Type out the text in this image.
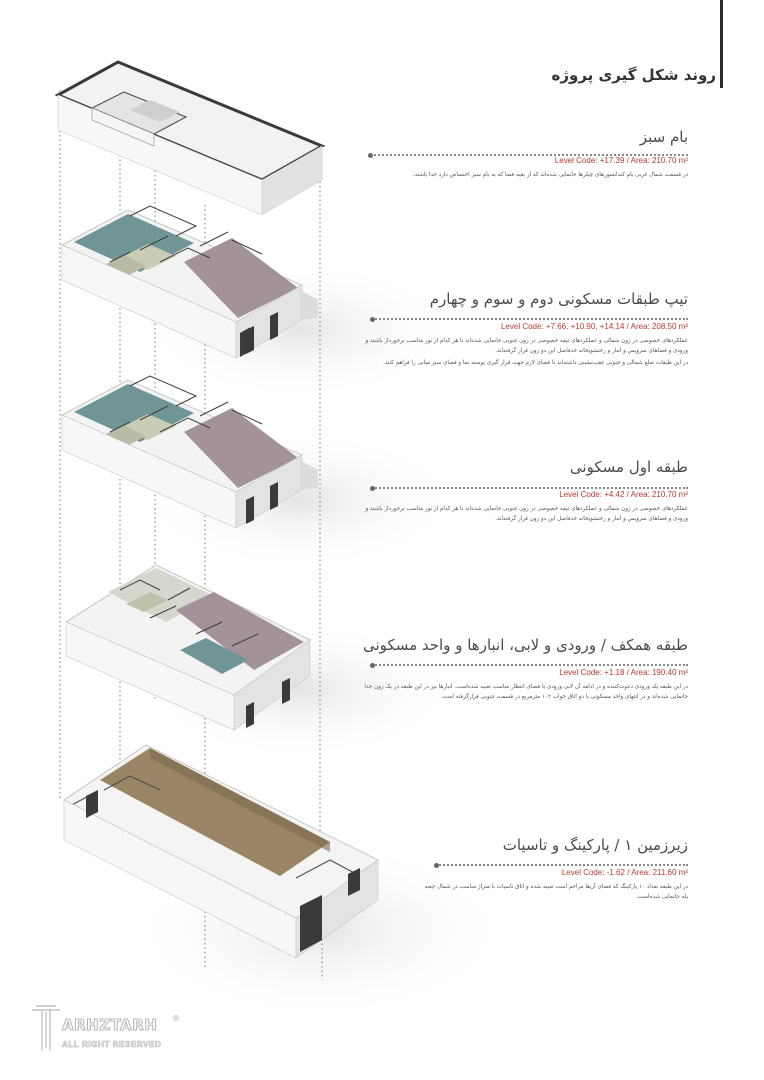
روند شکل گیری پروژه
بام سبز
Level Code: +17.39 / Area: 210.70 m²

در قسمت شمال غربی بام کندانسورهای چیلرها جانمایی شده‌اند که از بقیه فضا که به بام سبز اختصاص دارد جدا یاشند.

تیپ طبقات مسکونی دوم و سوم و چهارم
Level Code: +7.66, +10.90, +14.14 / Area: 208.50 m²

عملکردهای خصوصی در زون شمالی و عملکردهای نیمه خصوصی در زون جنوبی جانمایی شده‌اند تا هر کدام از نور مناسب برخوردار باشند و ورودی و فضاهای سرویس و انبار و رختشویخانه حدفاصل این دو زون قرار گرفته‌اند.

در این طبقات ضلع شمالی و جنوبی عقب‌نشینی داشته‌اند تا فضای لازم جهت قرار گیری پوسته نما و فضای سبز میانی را فراهم کنند.

طبقه اول مسکونی
Level Code: +4.42 / Area: 210.70 m²

عملکردهای خصوصی در زون شمالی و عملکردهای نیمه خصوصی در زون جنوبی جانمایی شده‌اند تا هر کدام از نور مناسب برخوردار باشند و ورودی و فضاهای سرویس و انبار و رختشویخانه حدفاصل این دو زون قرار گرفته‌اند.

طبقه همکف / ورودی و لابی، انبارها و واحد مسکونی
Level Code: +1.18 / Area: 190.40 m²

در این طبقه یک ورودی دعوت‌کننده و در ادامه آن لابی ورودی با فضای انتظار مناسب تعبیه شده‌است. انبارها نیز در این طبقه در یک زون جدا جانمایی شده‌اند و در انتهای واحد مسکونی با دو اتاق خواب ۱۰۲ مترمربع در قسمت جنوبی قرارگرفته است.

زیرزمین ۱ / پارکینگ و تاسیات
Level Code: -1.62 / Area: 211.60 m²

در این طبقه تعداد ۱۰ پارکینگ که فضای آن‌ها مزاحم است تعبیه شده و اتاق تاسیات با متراژ مناسب در شمال جعبه پله جانمایی شده‌است.

ARHZTARH
ALL RIGHT RESERVED
®
